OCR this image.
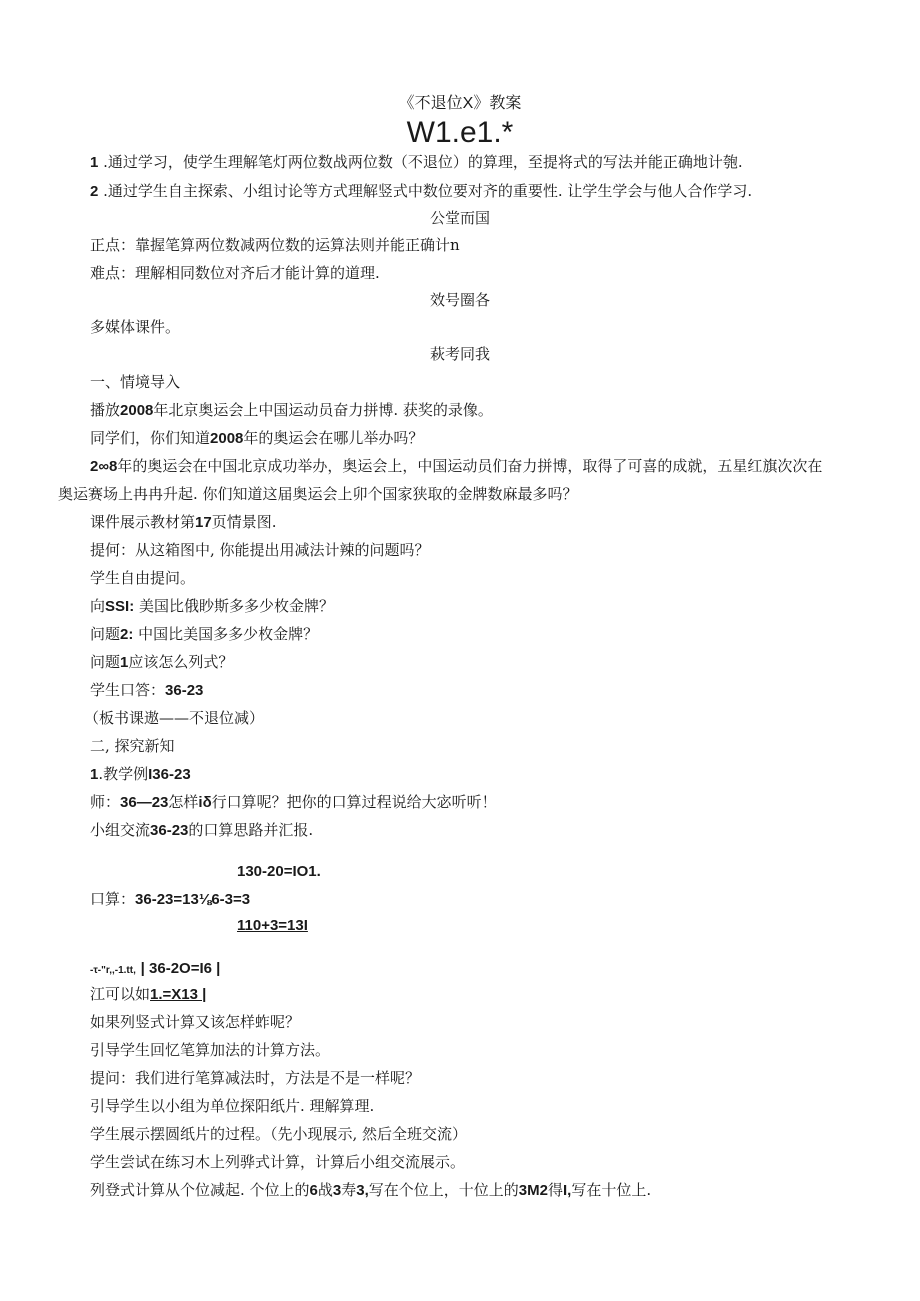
《不退位X》教案
W1.e1.*
1 .通过学习，使学生理解笔灯两位数战两位数（不退位）的算理，至提将式的写法并能正确地计匏.
2 .通过学生自主探索、小组讨论等方式理解竖式中数位要对齐的重要性. 让学生学会与他人合作学习.
公堂而国
正点：靠握笔算两位数减两位数的运算法则并能正确计n
难点：理解相同数位对齐后才能计算的道理.
效号圈各
多媒体课件。
萩考同我
一、情境导入
播放2008年北京奥运会上中国运动员奋力拼博. 获奖的录像。
同学们，你们知道2008年的奥运会在哪儿举办吗？
2∞8年的奥运会在中国北京成功举办，奥运会上，中国运动员们奋力拼博，取得了可喜的成就，五星红旗次次在
奥运赛场上冉冉升起. 你们知道这届奥运会上卯个国家狭取的金牌数麻最多吗？
课件展示教材第17页情景图.
提何：从这箱图中, 你能提出用减法计辣的问题吗？
学生自由提问。
向SSI: 美国比俄眇斯多多少枚金牌？
问题2: 中国比美国多多少枚金牌？
问题1应该怎么列式？
学生口答：36-23
（板书课遨——不退位减）
二, 探究新知
1.教学例I36-23
师：36—23怎样iδ行口算呢？把你的口算过程说给大宓听听！
小组交流36-23的口算思路并汇报.
130-20=IO1.
口算：36-23=13⅛6-3=3
110+3=13I
-τ-"r,,-1.tt, | 36-2O=I6 |
江可以如1.=X13 |
如果列竖式计算又该怎样蚱呢？
引导学生回忆笔算加法的计算方法。
提问：我们进行笔算减法时，方法是不是一样呢？
引导学生以小组为单位探阳纸片. 理解算理.
学生展示摆圆纸片的过程。（先小现展示, 然后全班交流）
学生尝试在练习木上列骅式计算，计算后小组交流展示。
列登式计算从个位减起. 个位上的6战3寿3,写在个位上，十位上的3M2得I,写在十位上.
